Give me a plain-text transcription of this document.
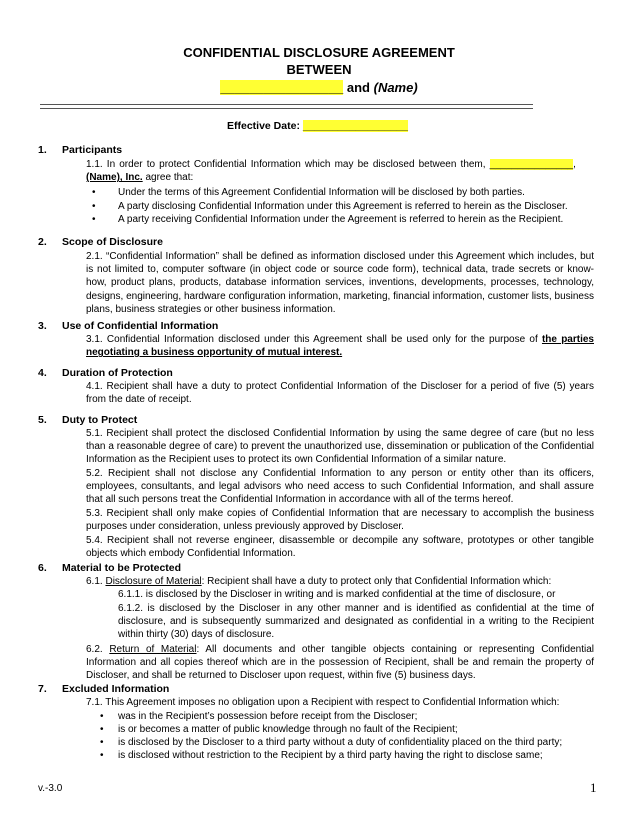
CONFIDENTIAL DISCLOSURE AGREEMENT
BETWEEN
_________________ and (Name)
Effective Date: __________________
1. Participants
1.1. In order to protect Confidential Information which may be disclosed between them, _______________, (Name), Inc. agree that:
• Under the terms of this Agreement Confidential Information will be disclosed by both parties.
• A party disclosing Confidential Information under this Agreement is referred to herein as the Discloser.
• A party receiving Confidential Information under the Agreement is referred to herein as the Recipient.
2. Scope of Disclosure
2.1. “Confidential Information” shall be defined as information disclosed under this Agreement which includes, but is not limited to, computer software (in object code or source code form), technical data, trade secrets or know-how, product plans, products, database information services, inventions, developments, processes, technology, designs, engineering, hardware configuration information, marketing, financial information, customer lists, business plans, business strategies or other business information.
3. Use of Confidential Information
3.1. Confidential Information disclosed under this Agreement shall be used only for the purpose of the parties negotiating a business opportunity of mutual interest.
4. Duration of Protection
4.1. Recipient shall have a duty to protect Confidential Information of the Discloser for a period of five (5) years from the date of receipt.
5. Duty to Protect
5.1. Recipient shall protect the disclosed Confidential Information by using the same degree of care (but no less than a reasonable degree of care) to prevent the unauthorized use, dissemination or publication of the Confidential Information as the Recipient uses to protect its own Confidential Information of a similar nature.
5.2. Recipient shall not disclose any Confidential Information to any person or entity other than its officers, employees, consultants, and legal advisors who need access to such Confidential Information, and shall assure that all such persons treat the Confidential Information in accordance with all of the terms hereof.
5.3. Recipient shall only make copies of Confidential Information that are necessary to accomplish the business purposes under consideration, unless previously approved by Discloser.
5.4. Recipient shall not reverse engineer, disassemble or decompile any software, prototypes or other tangible objects which embody Confidential Information.
6. Material to be Protected
6.1. Disclosure of Material: Recipient shall have a duty to protect only that Confidential Information which:
6.1.1. is disclosed by the Discloser in writing and is marked confidential at the time of disclosure, or
6.1.2. is disclosed by the Discloser in any other manner and is identified as confidential at the time of disclosure, and is subsequently summarized and designated as confidential in a writing to the Recipient within thirty (30) days of disclosure.
6.2. Return of Material: All documents and other tangible objects containing or representing Confidential Information and all copies thereof which are in the possession of Recipient, shall be and remain the property of Discloser, and shall be returned to Discloser upon request, within five (5) business days.
7. Excluded Information
7.1. This Agreement imposes no obligation upon a Recipient with respect to Confidential Information which:
• was in the Recipient’s possession before receipt from the Discloser;
• is or becomes a matter of public knowledge through no fault of the Recipient;
• is disclosed by the Discloser to a third party without a duty of confidentiality placed on the third party;
• is disclosed without restriction to the Recipient by a third party having the right to disclose same;
v.-3.0	1
